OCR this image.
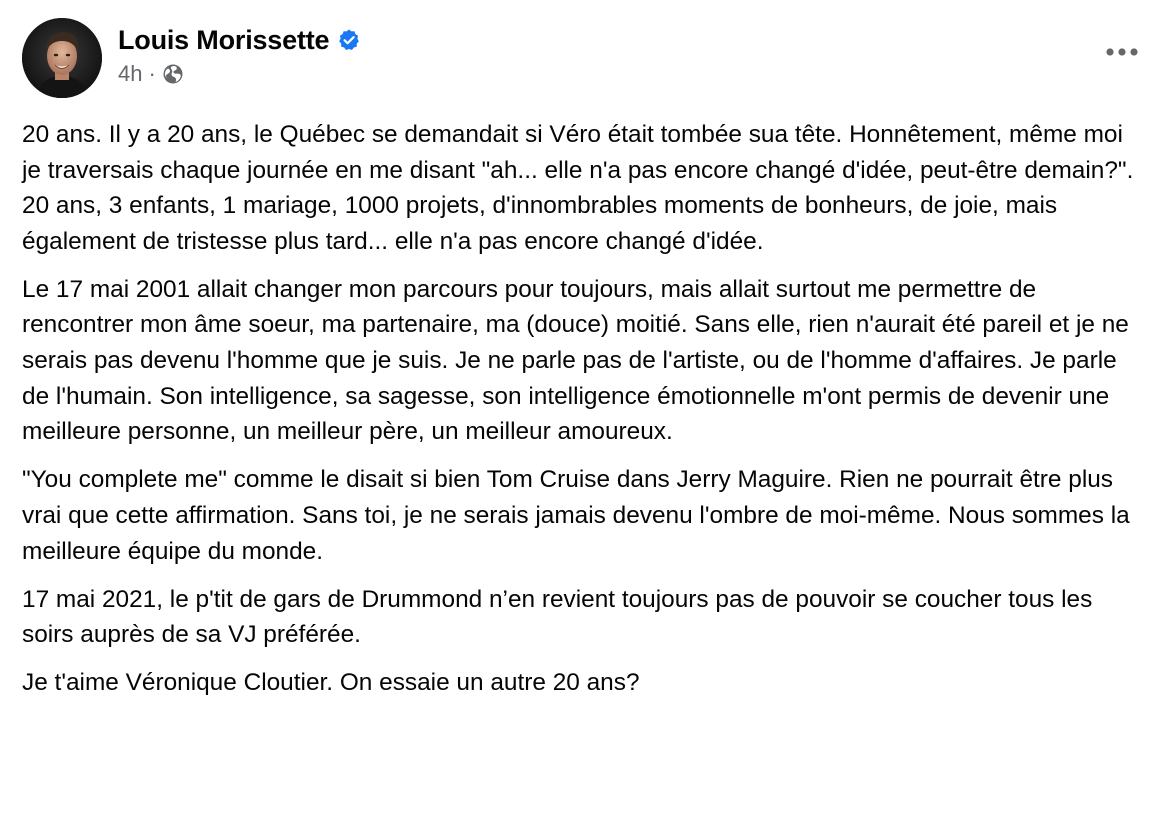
Louis Morissette
4h ·

20 ans. Il y a 20 ans, le Québec se demandait si Véro était tombée sua tête. Honnêtement, même moi je traversais chaque journée en me disant "ah... elle n'a pas encore changé d'idée, peut-être demain?". 20 ans, 3 enfants, 1 mariage, 1000 projets, d'innombrables moments de bonheurs, de joie, mais également de tristesse plus tard... elle n'a pas encore changé d'idée.

Le 17 mai 2001 allait changer mon parcours pour toujours, mais allait surtout me permettre de rencontrer mon âme soeur, ma partenaire, ma (douce) moitié. Sans elle, rien n'aurait été pareil et je ne serais pas devenu l'homme que je suis. Je ne parle pas de l'artiste, ou de l'homme d'affaires. Je parle de l'humain. Son intelligence, sa sagesse, son intelligence émotionnelle m'ont permis de devenir une meilleure personne, un meilleur père, un meilleur amoureux.

"You complete me" comme le disait si bien Tom Cruise dans Jerry Maguire. Rien ne pourrait être plus vrai que cette affirmation. Sans toi, je ne serais jamais devenu l'ombre de moi-même. Nous sommes la meilleure équipe du monde.

17 mai 2021, le p'tit de gars de Drummond n’en revient toujours pas de pouvoir se coucher tous les soirs auprès de sa VJ préférée.

Je t'aime Véronique Cloutier. On essaie un autre 20 ans?
